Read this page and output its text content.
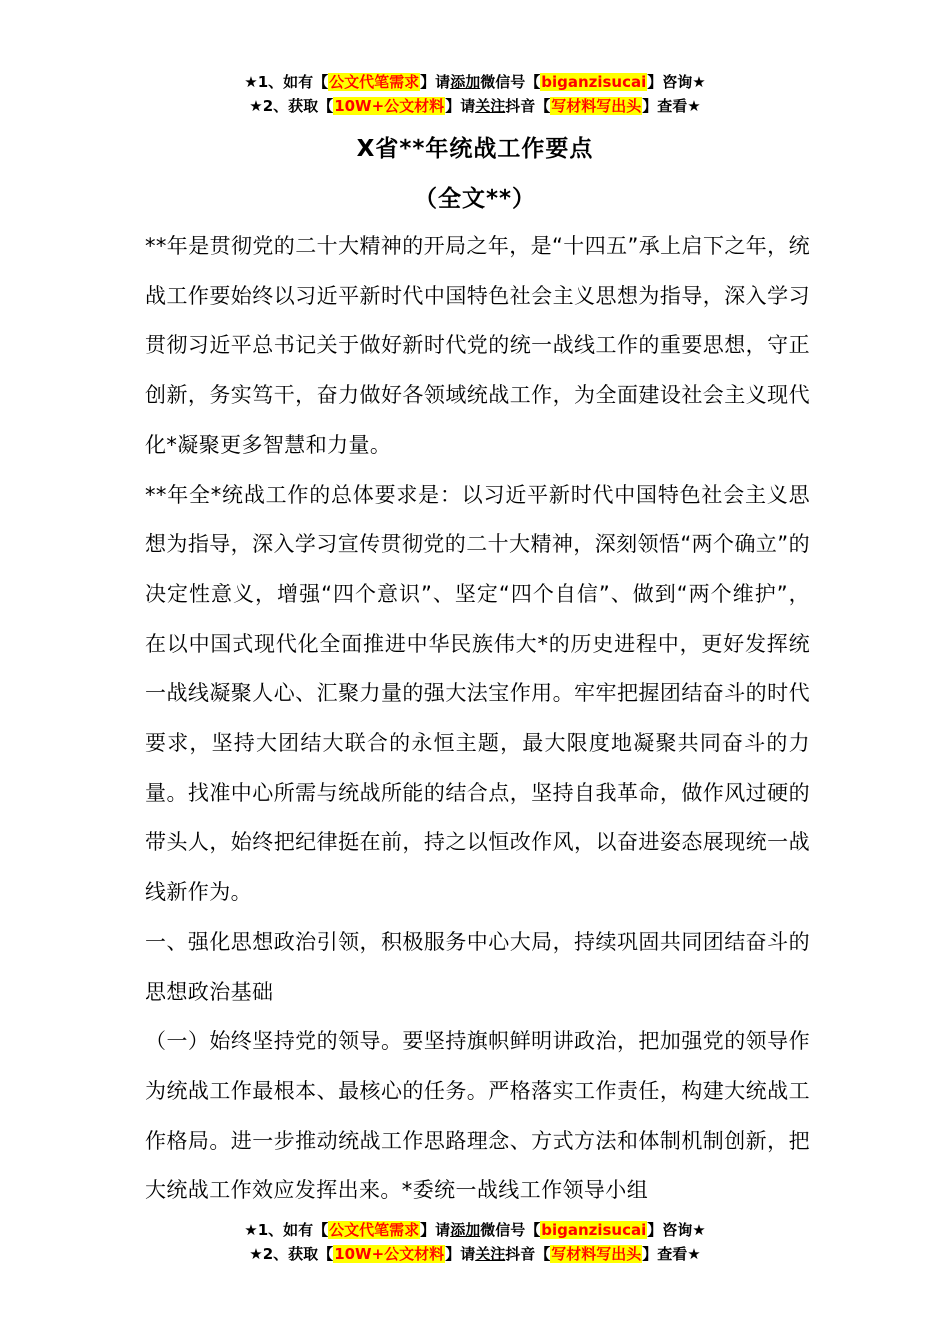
★1、如有【公文代笔需求】请添加微信号【biganzisucai】咨询★
★2、获取【10W+公文材料】请关注抖音【写材料写出头】查看★
X省**年统战工作要点
（全文**）

**年是贯彻党的二十大精神的开局之年，是“十四五”承上启下之年，统战工作要始终以习近平新时代中国特色社会主义思想为指导，深入学习贯彻习近平总书记关于做好新时代党的统一战线工作的重要思想，守正创新，务实笃干，奋力做好各领域统战工作，为全面建设社会主义现代化*凝聚更多智慧和力量。

**年全*统战工作的总体要求是：以习近平新时代中国特色社会主义思想为指导，深入学习宣传贯彻党的二十大精神，深刻领悟“两个确立”的决定性意义，增强“四个意识”、坚定“四个自信”、做到“两个维护”，在以中国式现代化全面推进中华民族伟大*的历史进程中，更好发挥统一战线凝聚人心、汇聚力量的强大法宝作用。牢牢把握团结奋斗的时代要求，坚持大团结大联合的永恒主题，最大限度地凝聚共同奋斗的力量。找准中心所需与统战所能的结合点，坚持自我革命，做作风过硬的带头人，始终把纪律挺在前，持之以恒改作风，以奋进姿态展现统一战线新作为。

一、强化思想政治引领，积极服务中心大局，持续巩固共同团结奋斗的思想政治基础

（一）始终坚持党的领导。要坚持旗帜鲜明讲政治，把加强党的领导作为统战工作最根本、最核心的任务。严格落实工作责任，构建大统战工作格局。进一步推动统战工作思路理念、方式方法和体制机制创新，把大统战工作效应发挥出来。*委统一战线工作领导小组

★1、如有【公文代笔需求】请添加微信号【biganzisucai】咨询★
★2、获取【10W+公文材料】请关注抖音【写材料写出头】查看★
